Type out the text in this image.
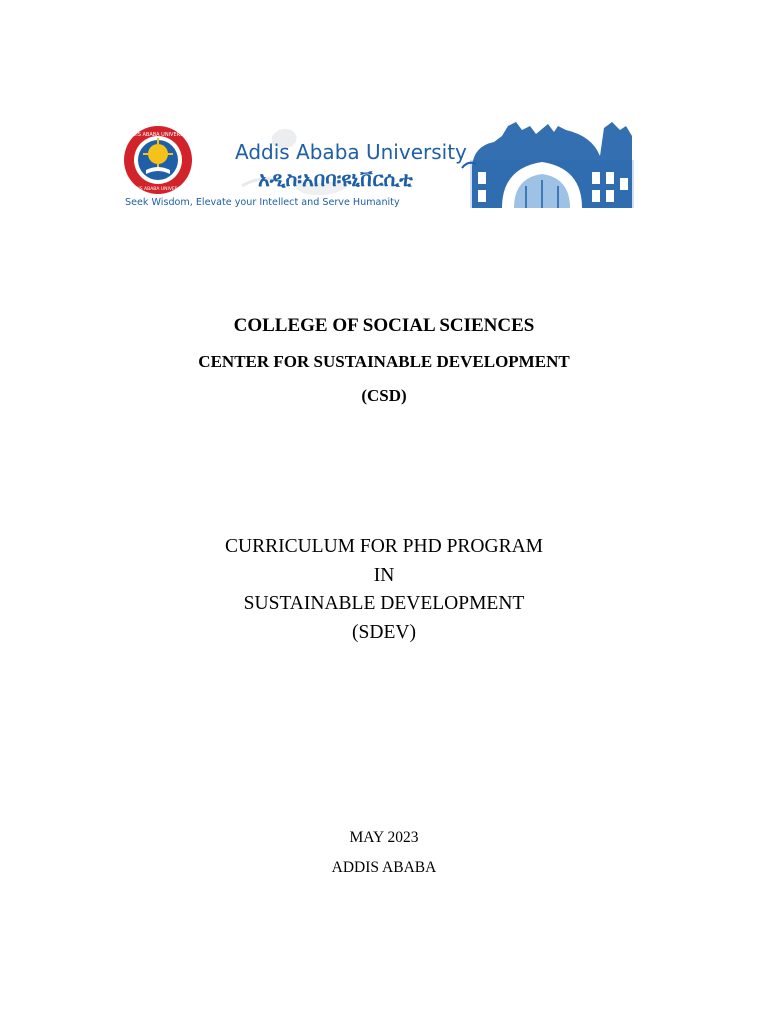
ADDIS ABABA UNIVERSITY
ADDIS ABABA UNIVERSITY
Addis Ababa University
አዲስ፡አበባ፡ዩኒቨርሲቲ
Seek Wisdom, Elevate your Intellect and Serve Humanity
COLLEGE OF SOCIAL SCIENCES
CENTER FOR SUSTAINABLE DEVELOPMENT
(CSD)
CURRICULUM FOR PHD PROGRAM
IN
SUSTAINABLE DEVELOPMENT
(SDEV)
MAY 2023
ADDIS ABABA
